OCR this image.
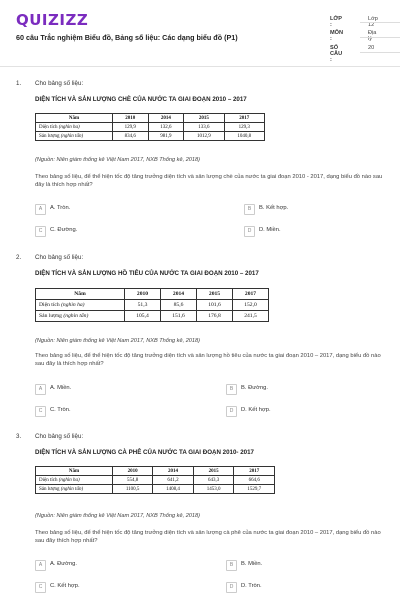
QUIZIZZ
60 câu Trắc nghiệm Biểu đồ, Bảng số liệu: Các dạng biểu đồ (P1)
LỚP :
Lớp 12
MÔN :
Địa lý
SỐ CÂU :
20
1. Cho bảng số liệu:
DIỆN TÍCH VÀ SẢN LƯỢNG CHÈ CỦA NƯỚC TA GIAI ĐOẠN 2010 – 2017
Năm	2010	2014	2015	2017
Diện tích (nghìn ha)	129,9	132,6	133,6	129,3
Sản lượng (nghìn tấn)	834,6	981,9	1012,9	1040,8
(Nguồn: Niên giám thống kê Việt Nam 2017, NXB Thống kê, 2018)
Theo bảng số liệu, để thể hiện tốc độ tăng trưởng diện tích và sản lượng chè của nước ta giai đoạn 2010 - 2017, dạng biểu đồ nào sau đây là thích hợp nhất?
A	A. Tròn.	B	B. Kết hợp.
C	C. Đường.	D	D. Miền.
2. Cho bảng số liệu:
DIỆN TÍCH VÀ SẢN LƯỢNG HỒ TIÊU CỦA NƯỚC TA GIAI ĐOẠN 2010 – 2017
Năm	2010	2014	2015	2017
Diện tích (nghìn ha)	51,3	85,6	101,6	152,0
Sản lượng (nghìn tấn)	105,4	151,6	176,8	241,5
(Nguồn: Niên giám thống kê Việt Nam 2017, NXB Thống kê, 2018)
Theo bảng số liệu, để thể hiện tốc độ tăng trưởng diện tích và sản lượng hồ tiêu của nước ta giai đoạn 2010 – 2017, dạng biểu đồ nào sau đây là thích hợp nhất?
A	A. Miền.	B	B. Đường.
C	C. Tròn.	D	D. Kết hợp.
3. Cho bảng số liệu:
DIỆN TÍCH VÀ SẢN LƯỢNG CÀ PHÊ CỦA NƯỚC TA GIAI ĐOẠN 2010- 2017
Năm	2010	2014	2015	2017
Diện tích (nghìn ha)	554,8	641,2	643,3	664,6
Sản lượng (nghìn tấn)	1100,5	1408,4	1453,0	1529,7
(Nguồn: Niên giám thống kê Việt Nam 2017, NXB Thống kê, 2018)
Theo bảng số liệu, để thể hiện tốc độ tăng trưởng diện tích và sản lượng cà phê của nước ta giai đoạn 2010 – 2017, dạng biểu đồ nào sau đây thích hợp nhất?
A	A. Đường.	B	B. Miền.
C	C. Kết hợp.	D	D. Tròn.
